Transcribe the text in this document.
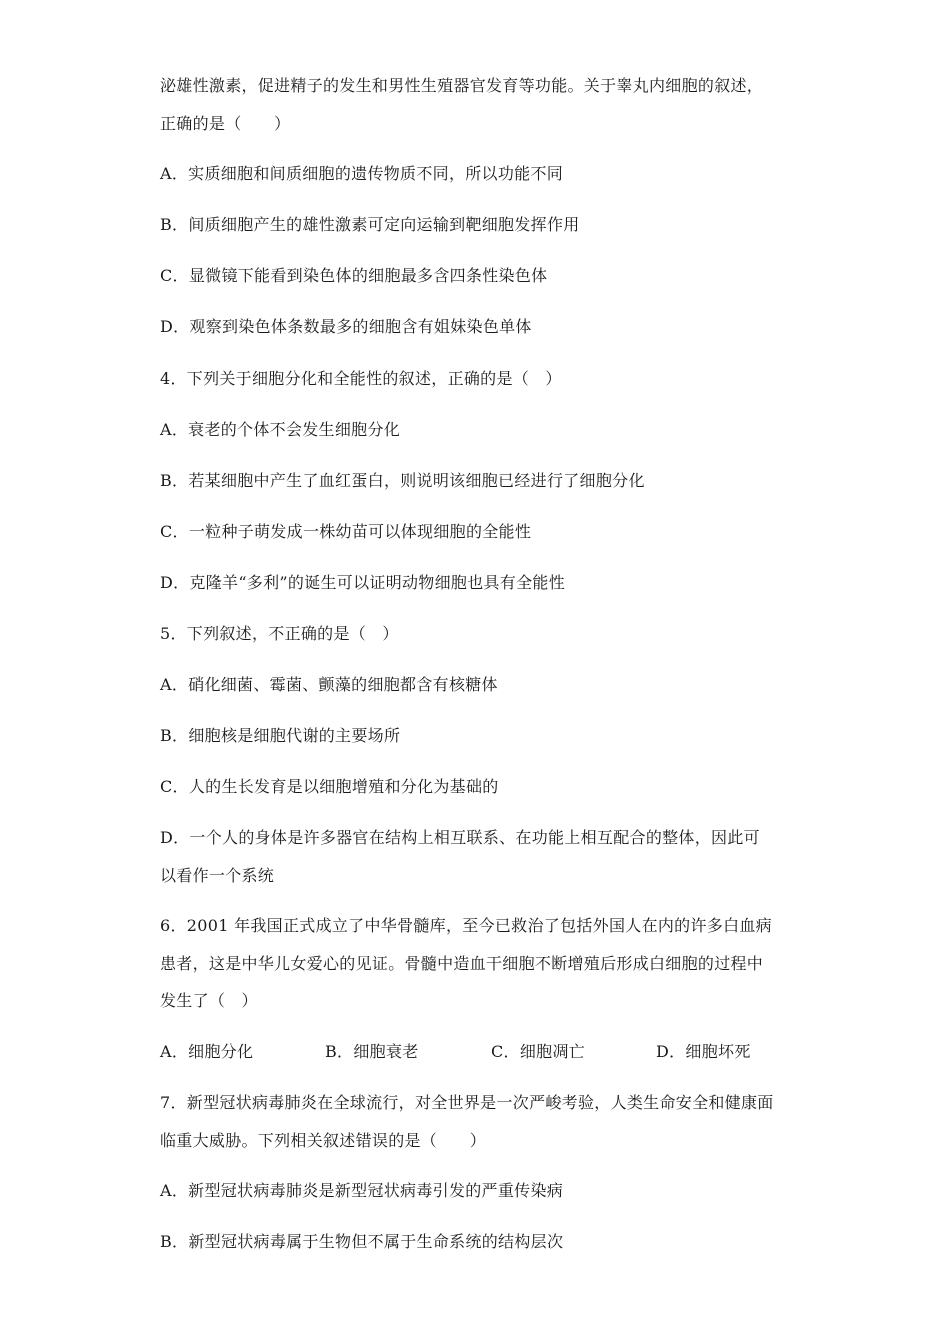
泌雄性激素，促进精子的发生和男性生殖器官发育等功能。关于睾丸内细胞的叙述，
正确的是（　　）
A．实质细胞和间质细胞的遗传物质不同，所以功能不同
B．间质细胞产生的雄性激素可定向运输到靶细胞发挥作用
C．显微镜下能看到染色体的细胞最多含四条性染色体
D．观察到染色体条数最多的细胞含有姐妹染色单体
4．下列关于细胞分化和全能性的叙述，正确的是（　）
A．衰老的个体不会发生细胞分化
B．若某细胞中产生了血红蛋白，则说明该细胞已经进行了细胞分化
C．一粒种子萌发成一株幼苗可以体现细胞的全能性
D．克隆羊“多利”的诞生可以证明动物细胞也具有全能性
5．下列叙述，不正确的是（　）
A．硝化细菌、霉菌、颤藻的细胞都含有核糖体
B．细胞核是细胞代谢的主要场所
C．人的生长发育是以细胞增殖和分化为基础的
D．一个人的身体是许多器官在结构上相互联系、在功能上相互配合的整体，因此可
以看作一个系统
6．2001 年我国正式成立了中华骨髓库，至今已救治了包括外国人在内的许多白血病
患者，这是中华儿女爱心的见证。骨髓中造血干细胞不断增殖后形成白细胞的过程中
发生了（　）
A．细胞分化	B．细胞衰老	C．细胞凋亡	D．细胞坏死
7．新型冠状病毒肺炎在全球流行，对全世界是一次严峻考验，人类生命安全和健康面
临重大威胁。下列相关叙述错误的是（　　）
A．新型冠状病毒肺炎是新型冠状病毒引发的严重传染病
B．新型冠状病毒属于生物但不属于生命系统的结构层次
